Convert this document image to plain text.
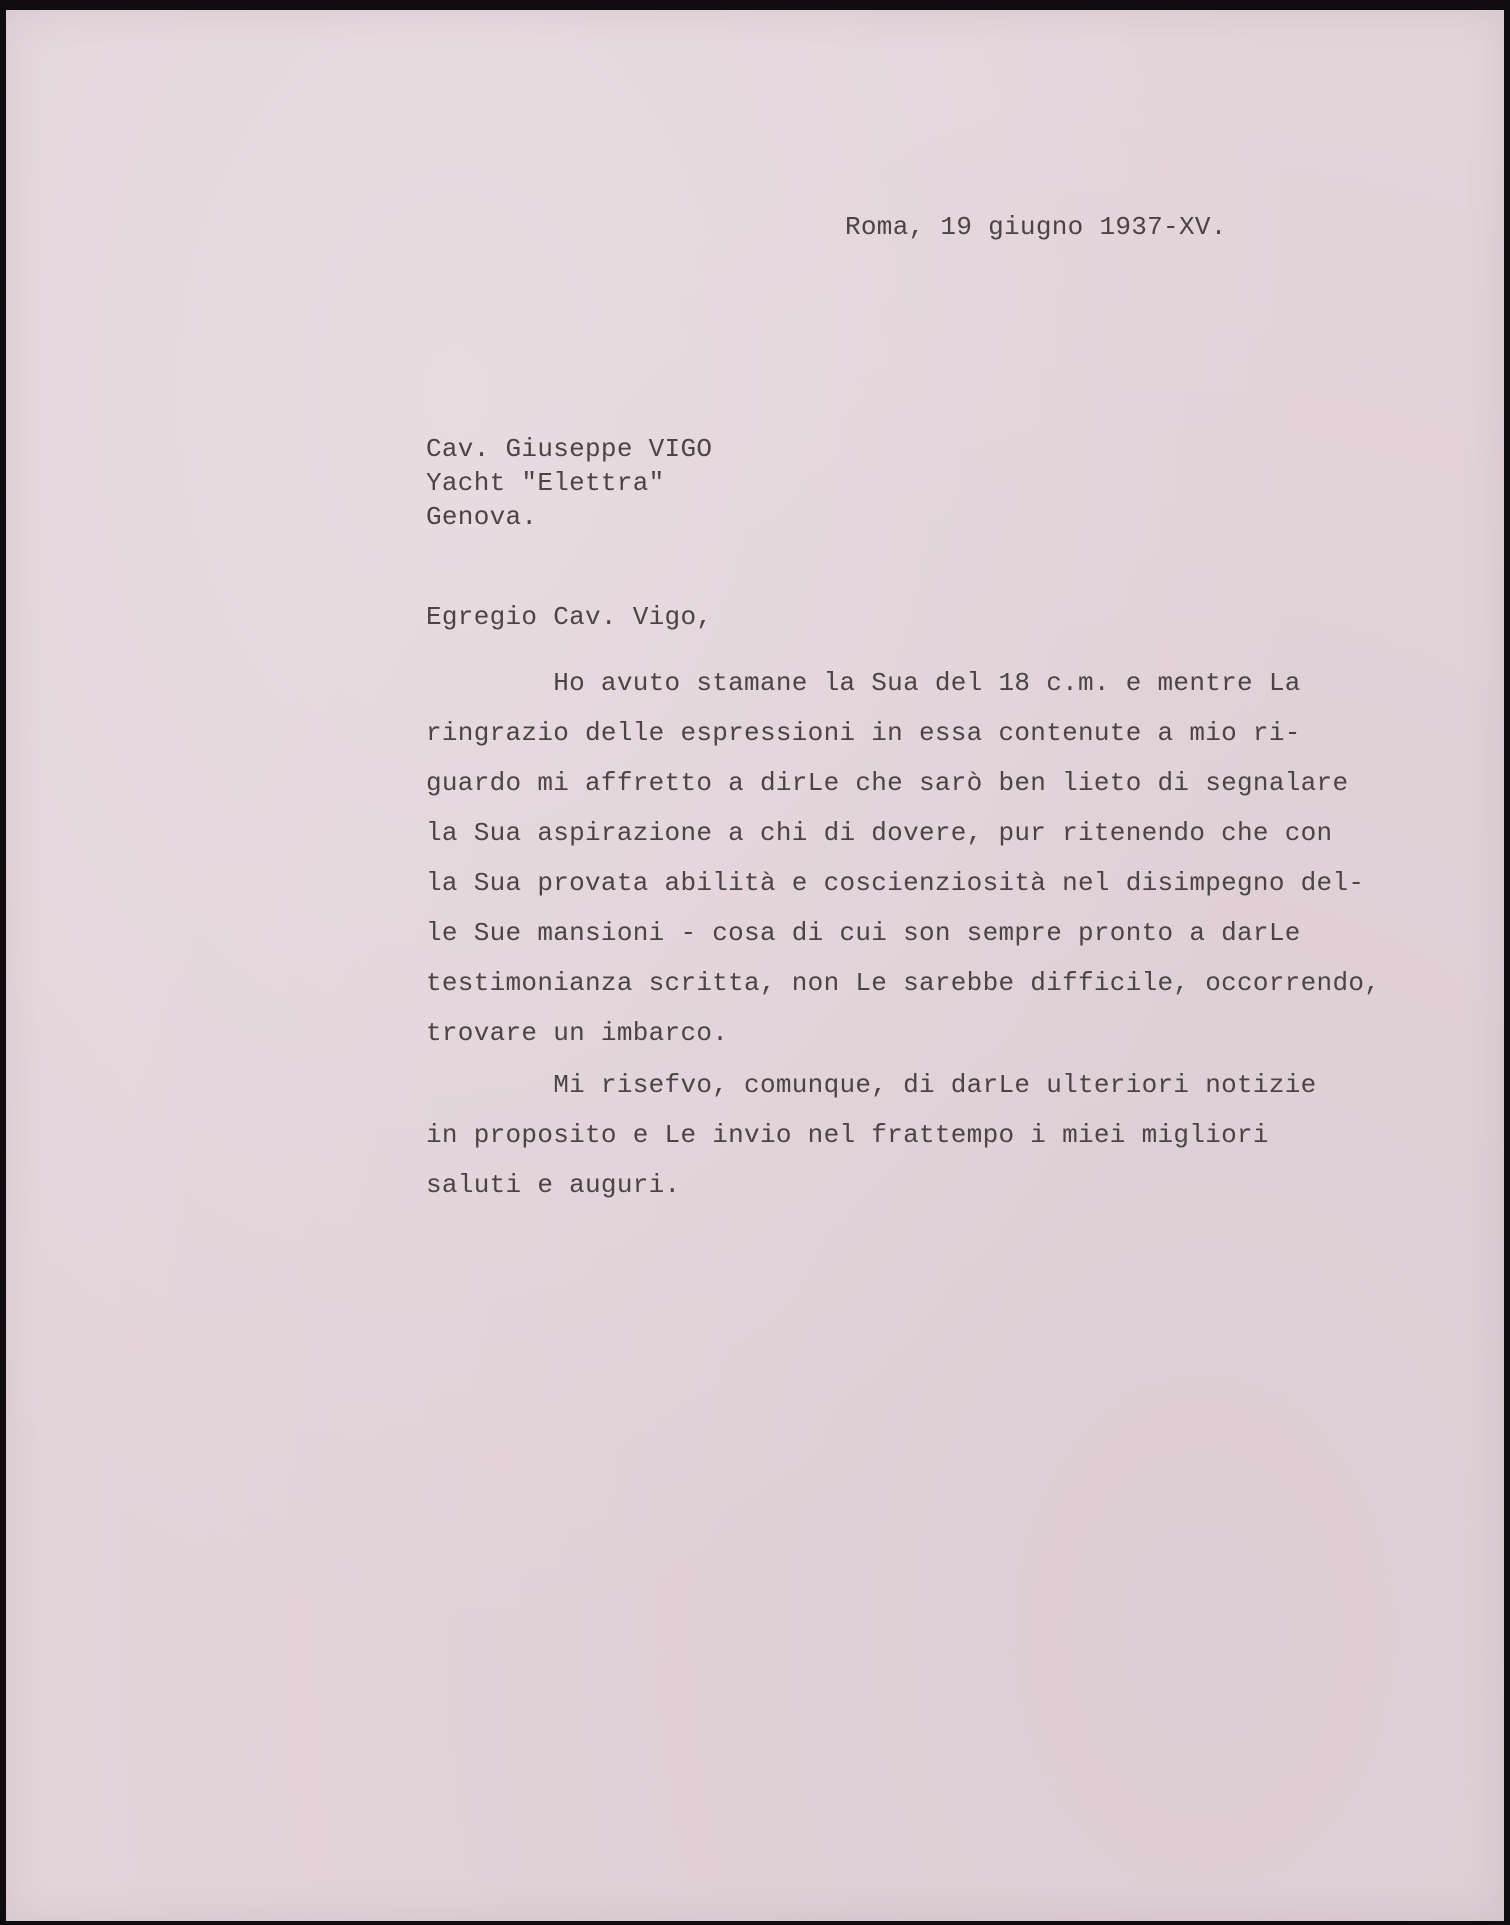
Roma, 19 giugno 1937-XV.

Cav. Giuseppe VIGO

Yacht "Elettra"

Genova.

Egregio Cav. Vigo,

Ho avuto stamane la Sua del 18 c.m. e mentre La

ringrazio delle espressioni in essa contenute a mio ri-

guardo mi affretto a dirLe che sarò ben lieto di segnalare

la Sua aspirazione a chi di dovere, pur ritenendo che con

la Sua provata abilità e coscienziosità nel disimpegno del-

le Sue mansioni - cosa di cui son sempre pronto a darLe

testimonianza scritta, non Le sarebbe difficile, occorrendo,

trovare un imbarco.

Mi risefvo, comunque, di darLe ulteriori notizie

in proposito e Le invio nel frattempo i miei migliori

saluti e auguri.
